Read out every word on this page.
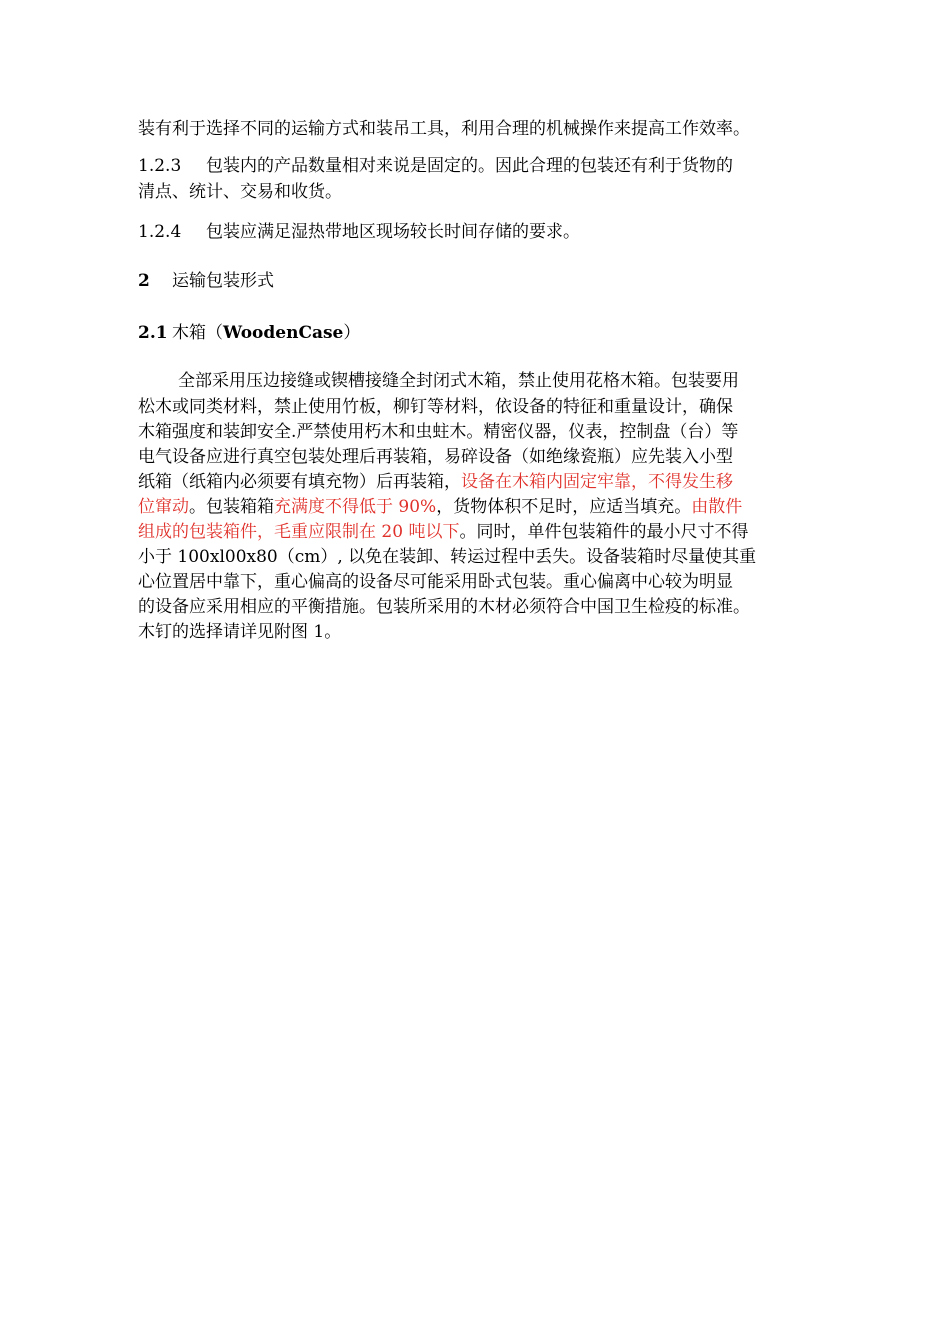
装有利于选择不同的运输方式和装吊工具，利用合理的机械操作来提高工作效率。
1.2.3 包装内的产品数量相对来说是固定的。因此合理的包装还有利于货物的
清点、统计、交易和收货。
1.2.4 包装应满足湿热带地区现场较长时间存储的要求。
2 运输包装形式
2.1 木箱（WoodenCase）
全部采用压边接缝或锲槽接缝全封闭式木箱，禁止使用花格木箱。包装要用
松木或同类材料，禁止使用竹板，柳钉等材料，依设备的特征和重量设计，确保
木箱强度和装卸安全.严禁使用朽木和虫蛀木。精密仪器，仪表，控制盘（台）等
电气设备应进行真空包装处理后再装箱，易碎设备（如绝缘瓷瓶）应先装入小型
纸箱（纸箱内必须要有填充物）后再装箱，设备在木箱内固定牢靠，不得发生移
位窜动。包装箱箱充满度不得低于 90%，货物体积不足时，应适当填充。由散件
组成的包装箱件，毛重应限制在 20 吨以下。同时，单件包装箱件的最小尺寸不得
小于 100xl00x80（cm）, 以免在装卸、转运过程中丢失。设备装箱时尽量使其重
心位置居中靠下，重心偏高的设备尽可能采用卧式包装。重心偏离中心较为明显
的设备应采用相应的平衡措施。包装所采用的木材必须符合中国卫生检疫的标准。
木钉的选择请详见附图 1。
